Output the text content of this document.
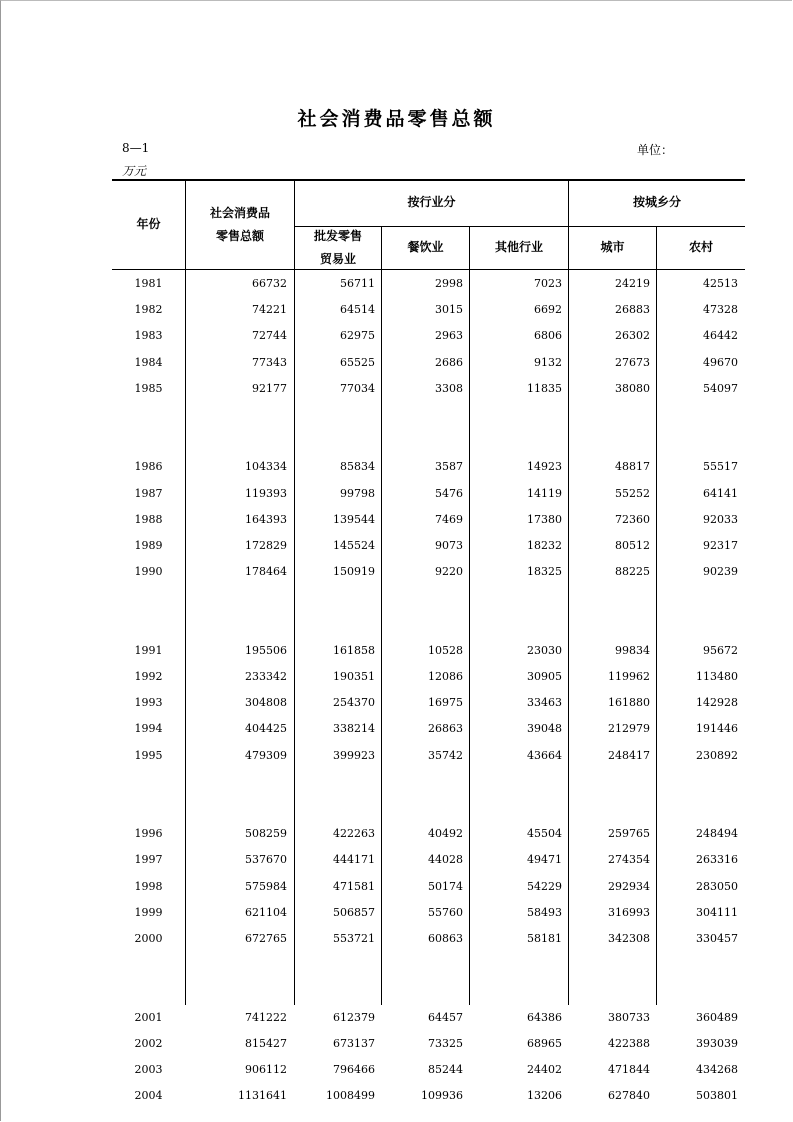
社会消费品零售总额
8—1	单位：
万元
年份
社会消费品
零售总额
按行业分	按城乡分
批发零售
贸易业
餐饮业	其他行业	城市	农村
1981	66732	56711	2998	7023	24219	42513
1982	74221	64514	3015	6692	26883	47328
1983	72744	62975	2963	6806	26302	46442
1984	77343	65525	2686	9132	27673	49670
1985	92177	77034	3308	11835	38080	54097
1986	104334	85834	3587	14923	48817	55517
1987	119393	99798	5476	14119	55252	64141
1988	164393	139544	7469	17380	72360	92033
1989	172829	145524	9073	18232	80512	92317
1990	178464	150919	9220	18325	88225	90239
1991	195506	161858	10528	23030	99834	95672
1992	233342	190351	12086	30905	119962	113480
1993	304808	254370	16975	33463	161880	142928
1994	404425	338214	26863	39048	212979	191446
1995	479309	399923	35742	43664	248417	230892
1996	508259	422263	40492	45504	259765	248494
1997	537670	444171	44028	49471	274354	263316
1998	575984	471581	50174	54229	292934	283050
1999	621104	506857	55760	58493	316993	304111
2000	672765	553721	60863	58181	342308	330457
2001	741222	612379	64457	64386	380733	360489
2002	815427	673137	73325	68965	422388	393039
2003	906112	796466	85244	24402	471844	434268
2004	1131641	1008499	109936	13206	627840	503801
